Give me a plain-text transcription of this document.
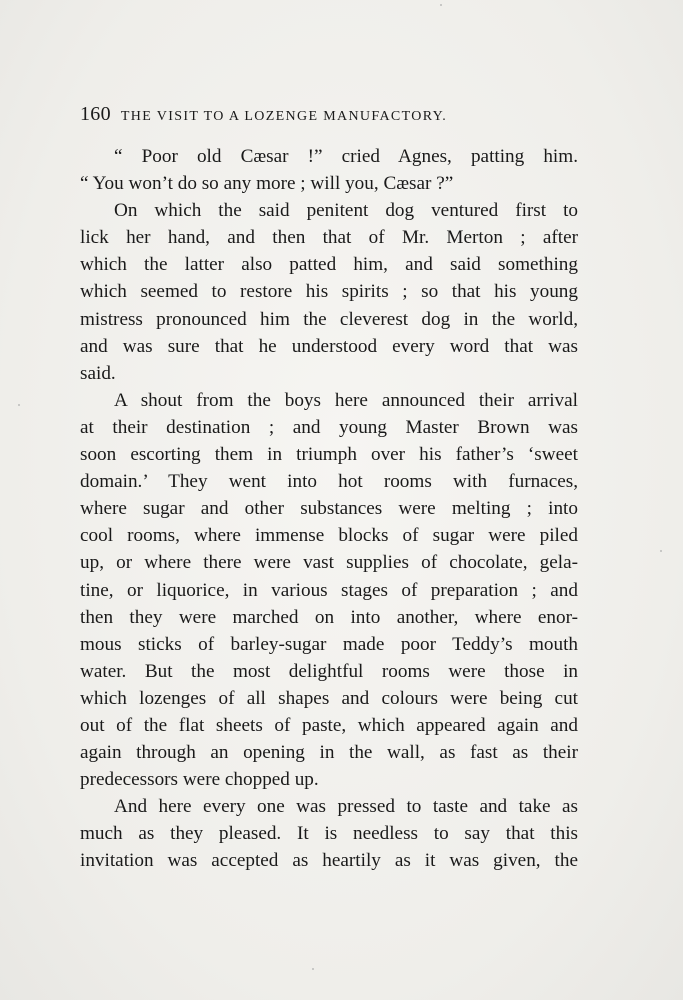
160 THE VISIT TO A LOZENGE MANUFACTORY.
“ Poor old Cæsar !” cried Agnes, patting him.
“ You won’t do so any more ; will you, Cæsar ?”
On which the said penitent dog ventured first to
lick her hand, and then that of Mr. Merton ; after
which the latter also patted him, and said something
which seemed to restore his spirits ; so that his young
mistress pronounced him the cleverest dog in the world,
and was sure that he understood every word that was
said.
A shout from the boys here announced their arrival
at their destination ; and young Master Brown was
soon escorting them in triumph over his father’s ‘sweet
domain.’ They went into hot rooms with furnaces,
where sugar and other substances were melting ; into
cool rooms, where immense blocks of sugar were piled
up, or where there were vast supplies of chocolate, gela-
tine, or liquorice, in various stages of preparation ; and
then they were marched on into another, where enor-
mous sticks of barley-sugar made poor Teddy’s mouth
water. But the most delightful rooms were those in
which lozenges of all shapes and colours were being cut
out of the flat sheets of paste, which appeared again and
again through an opening in the wall, as fast as their
predecessors were chopped up.
And here every one was pressed to taste and take as
much as they pleased. It is needless to say that this
invitation was accepted as heartily as it was given, the
